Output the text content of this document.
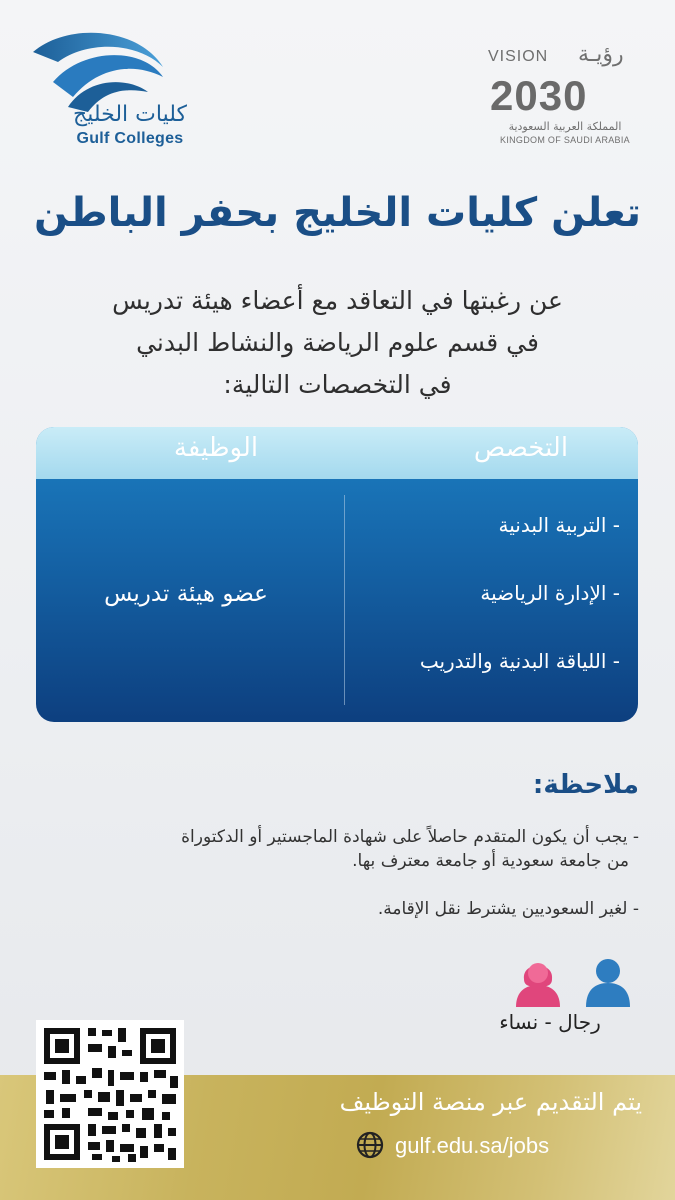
كليات الخليج
Gulf Colleges
VISION رؤيـة
2030
المملكة العربية السعودية
KINGDOM OF SAUDI ARABIA
تعلن كليات الخليج بحفر الباطن
عن رغبتها في التعاقد مع أعضاء هيئة تدريس
في قسم علوم الرياضة والنشاط البدني
في التخصصات التالية:
التخصص
الوظيفة
- التربية البدنية
- الإدارة الرياضية
- اللياقة البدنية والتدريب
عضو هيئة تدريس
ملاحظة:
- يجب أن يكون المتقدم حاصلاً على شهادة الماجستير أو الدكتوراة
من جامعة سعودية أو جامعة معترف بها.
- لغير السعوديين يشترط نقل الإقامة.
رجال - نساء
يتم التقديم عبر منصة التوظيف
gulf.edu.sa/jobs
